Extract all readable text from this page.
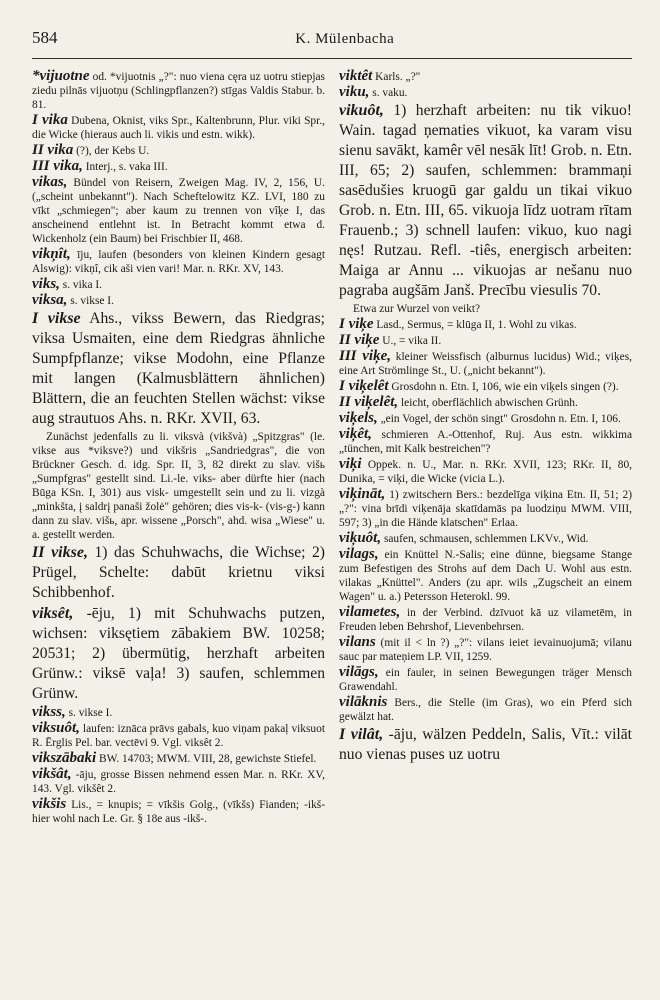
584	K. Mülenbacha

*vijuotne od. *vijuotnis „?": nuo viena cęra uz uotru stiepjas ziedu pilnās vijuotņu (Schlingpflanzen?) stīgas Valdis Stabur. b. 81.

I vika Dubena, Oknist, viks Spr., Kaltenbrunn, Plur. viki Spr., die Wicke (hieraus auch li. vikis und estn. wikk).

II vika (?), der Kebs U.

III vika, Interj., s. vaka III.

vikas, Bündel von Reisern, Zweigen Mag. IV, 2, 156, U. („scheint unbekannt"). Nach Scheftelowitz KZ. LVI, 180 zu vīkt „schmiegen"; aber kaum zu trennen von vîķe I, das anscheinend entlehnt ist. In Betracht kommt etwa d. Wickenholz (ein Baum) bei Frischbier II, 468.

vikņît, īju, laufen (besonders von kleinen Kindern gesagt Alswig): vikņî, cik aši vien vari! Mar. n. RKr. XV, 143.

viks, s. vika I.

viksa, s. vikse I.

I vikse Ahs., vikss Bewern, das Riedgras; viksa Usmaiten, eine dem Riedgras ähnliche Sumpfpflanze; vikse Modohn, eine Pflanze mit langen (Kalmusblättern ähnlichen) Blättern, die an feuchten Stellen wächst: vikse aug strautuos Ahs. n. RKr. XVII, 63.

Zunächst jedenfalls zu li. viksvà (vikšvà) „Spitzgras" (le. vikse aus *viksve?) und vikšris „Sandriedgras", die von Brückner Gesch. d. idg. Spr. II, 3, 82 direkt zu slav. višь „Sumpfgras" gestellt sind. Li.-le. viks- aber dürfte hier (nach Būga KSn. I, 301) aus visk- umgestellt sein und zu li. vizgà „minkšta, į saldrį panaši žolė" gehören; dies vis-k- (vis-g-) kann dann zu slav. višь, apr. wissene „Porsch", ahd. wisa „Wiese" u. a. gestellt werden.

II vikse, 1) das Schuhwachs, die Wichse; 2) Prügel, Schelte: dabūt krietnu viksi Schibbenhof.

viksêt, -ēju, 1) mit Schuhwachs putzen, wichsen: viksętiem zābakiem BW. 10258; 20531; 2) übermütig, herzhaft arbeiten Grünw.: viksē vaļa! 3) saufen, schlemmen Grünw.

vikss, s. vikse I.

viksuôt, laufen: iznāca prāvs gabals, kuo viņam pakaļ viksuot R. Ērglis Pel. bar. vectēvi 9. Vgl. viksêt 2.

vikszābaki BW. 14703; MWM. VIII, 28, gewichste Stiefel.

vikšât, -āju, grosse Bissen nehmend essen Mar. n. RKr. XV, 143. Vgl. vikšêt 2.

vikšis Lis., = knupis; = vīkšis Golg., (vīkšs) Fianden; -ikš- hier wohl nach Le. Gr. § 18e aus -ikš-.

viktêt Karls. „?"

viku, s. vaku.

vikuôt, 1) herzhaft arbeiten: nu tik vikuo! Wain. tagad ņematies vikuot, ka varam visu sienu savākt, kamêr vēl nesāk līt! Grob. n. Etn. III, 65; 2) saufen, schlemmen: brammaņi sasēdušies kruogū gar galdu un tikai vikuo Grob. n. Etn. III, 65. vikuoja līdz uotram rītam Frauenb.; 3) schnell laufen: vikuo, kuo nagi nęs! Rutzau. Refl. -tiês, energisch arbeiten: Maiga ar Annu ... vikuojas ar nešanu nuo pagraba augšām Janš. Precību viesulis 70.

Etwa zur Wurzel von veikt?

I viķe Lasd., Sermus, = klūga II, 1. Wohl zu vikas.

II viķe U., = vika II.

III viķe, kleiner Weissfisch (alburnus lucidus) Wid.; viķes, eine Art Strömlinge St., U. („nicht bekannt").

I viķelêt Grosdohn n. Etn. I, 106, wie ein viķels singen (?).

II viķelêt, leicht, oberflächlich abwischen Grünh.

viķels, „ein Vogel, der schön singt" Grosdohn n. Etn. I, 106.

viķêt, schmieren A.-Ottenhof, Ruj. Aus estn. wikkima „tünchen, mit Kalk bestreichen"?

viķi Oppek. n. U., Mar. n. RKr. XVII, 123; RKr. II, 80, Dunika, = viķi, die Wicke (vicia L.).

viķināt, 1) zwitschern Bers.: bezdelīga viķina Etn. II, 51; 2) „?": vina brīdi viķenāja skatīdamās pa luodziņu MWM. VIII, 597; 3) „in die Hände klatschen" Erlaa.

viķuôt, saufen, schmausen, schlemmen LKVv., Wid.

vilags, ein Knüttel N.-Salis; eine dünne, biegsame Stange zum Befestigen des Strohs auf dem Dach U. Wohl aus estn. vilakas „Knüttel". Anders (zu apr. wils „Zugscheit an einem Wagen" u. a.) Petersson Heterokl. 99.

vilametes, in der Verbind. dzīvuot kā uz vilametēm, in Freuden leben Behrshof, Lievenbehrsen.

vilans (mit il < ln ?) „?": vilans ieiet ievainuojumā; vilanu sauc par mateņiem LP. VII, 1259.

vilāgs, ein fauler, in seinen Bewegungen träger Mensch Grawendahl.

vilāknis Bers., die Stelle (im Gras), wo ein Pferd sich gewälzt hat.

I vilât, -āju, wälzen Peddeln, Salis, Vīt.: vilāt nuo vienas puses uz uotru
